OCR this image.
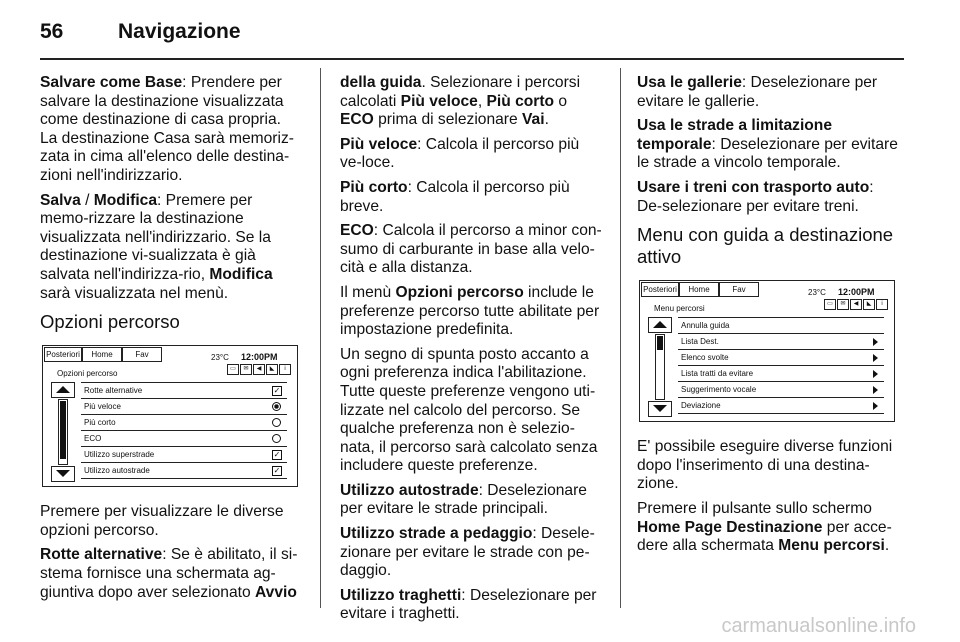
56	Navigazione

Salvare come Base: Prendere per salvare la destinazione visualizzata come destinazione di casa propria. La destinazione Casa sarà memoriz-zata in cima all'elenco delle destina-zioni nell'indirizzario.

Salva / Modifica: Premere per memo-rizzare la destinazione visualizzata nell'indirizzario. Se la destinazione vi-sualizzata è già salvata nell'indirizza-rio, Modifica sarà visualizzata nel menù.

Opzioni percorso
Posteriori	Home	Fav	23°C 12:00PM
Opzioni percorso	▭	✉	◀	◣	i
Rotte alternative	✓
Più veloce
Più corto
ECO
Utilizzo superstrade	✓
Utilizzo autostrade	✓

Premere per visualizzare le diverse opzioni percorso.

Rotte alternative: Se è abilitato, il si-stema fornisce una schermata ag-giuntiva dopo aver selezionato Avvio

della guida. Selezionare i percorsi calcolati Più veloce, Più corto o ECO prima di selezionare Vai.

Più veloce: Calcola il percorso più ve-loce.

Più corto: Calcola il percorso più breve.

ECO: Calcola il percorso a minor con-sumo di carburante in base alla velo-cità e alla distanza.

Il menù Opzioni percorso include le preferenze percorso tutte abilitate per impostazione predefinita.

Un segno di spunta posto accanto a ogni preferenza indica l'abilitazione. Tutte queste preferenze vengono uti-lizzate nel calcolo del percorso. Se qualche preferenza non è selezio-nata, il percorso sarà calcolato senza includere queste preferenze.

Utilizzo autostrade: Deselezionare per evitare le strade principali.

Utilizzo strade a pedaggio: Desele-zionare per evitare le strade con pe-daggio.

Utilizzo traghetti: Deselezionare per evitare i traghetti.

Usa le gallerie: Deselezionare per evitare le gallerie.

Usa le strade a limitazione temporale: Deselezionare per evitare le strade a vincolo temporale.

Usare i treni con trasporto auto: De-selezionare per evitare treni.

Menu con guida a destinazione attivo
Posteriori	Home	Fav	23°C 12:00PM
Menu percorsi	▭	✉	◀	◣	i
Annulla guida
Lista Dest.
Elenco svolte
Lista tratti da evitare
Suggerimento vocale
Deviazione

E' possibile eseguire diverse funzioni dopo l'inserimento di una destina-zione.

Premere il pulsante sullo schermo Home Page Destinazione per acce-dere alla schermata Menu percorsi.

carmanualsonline.info
